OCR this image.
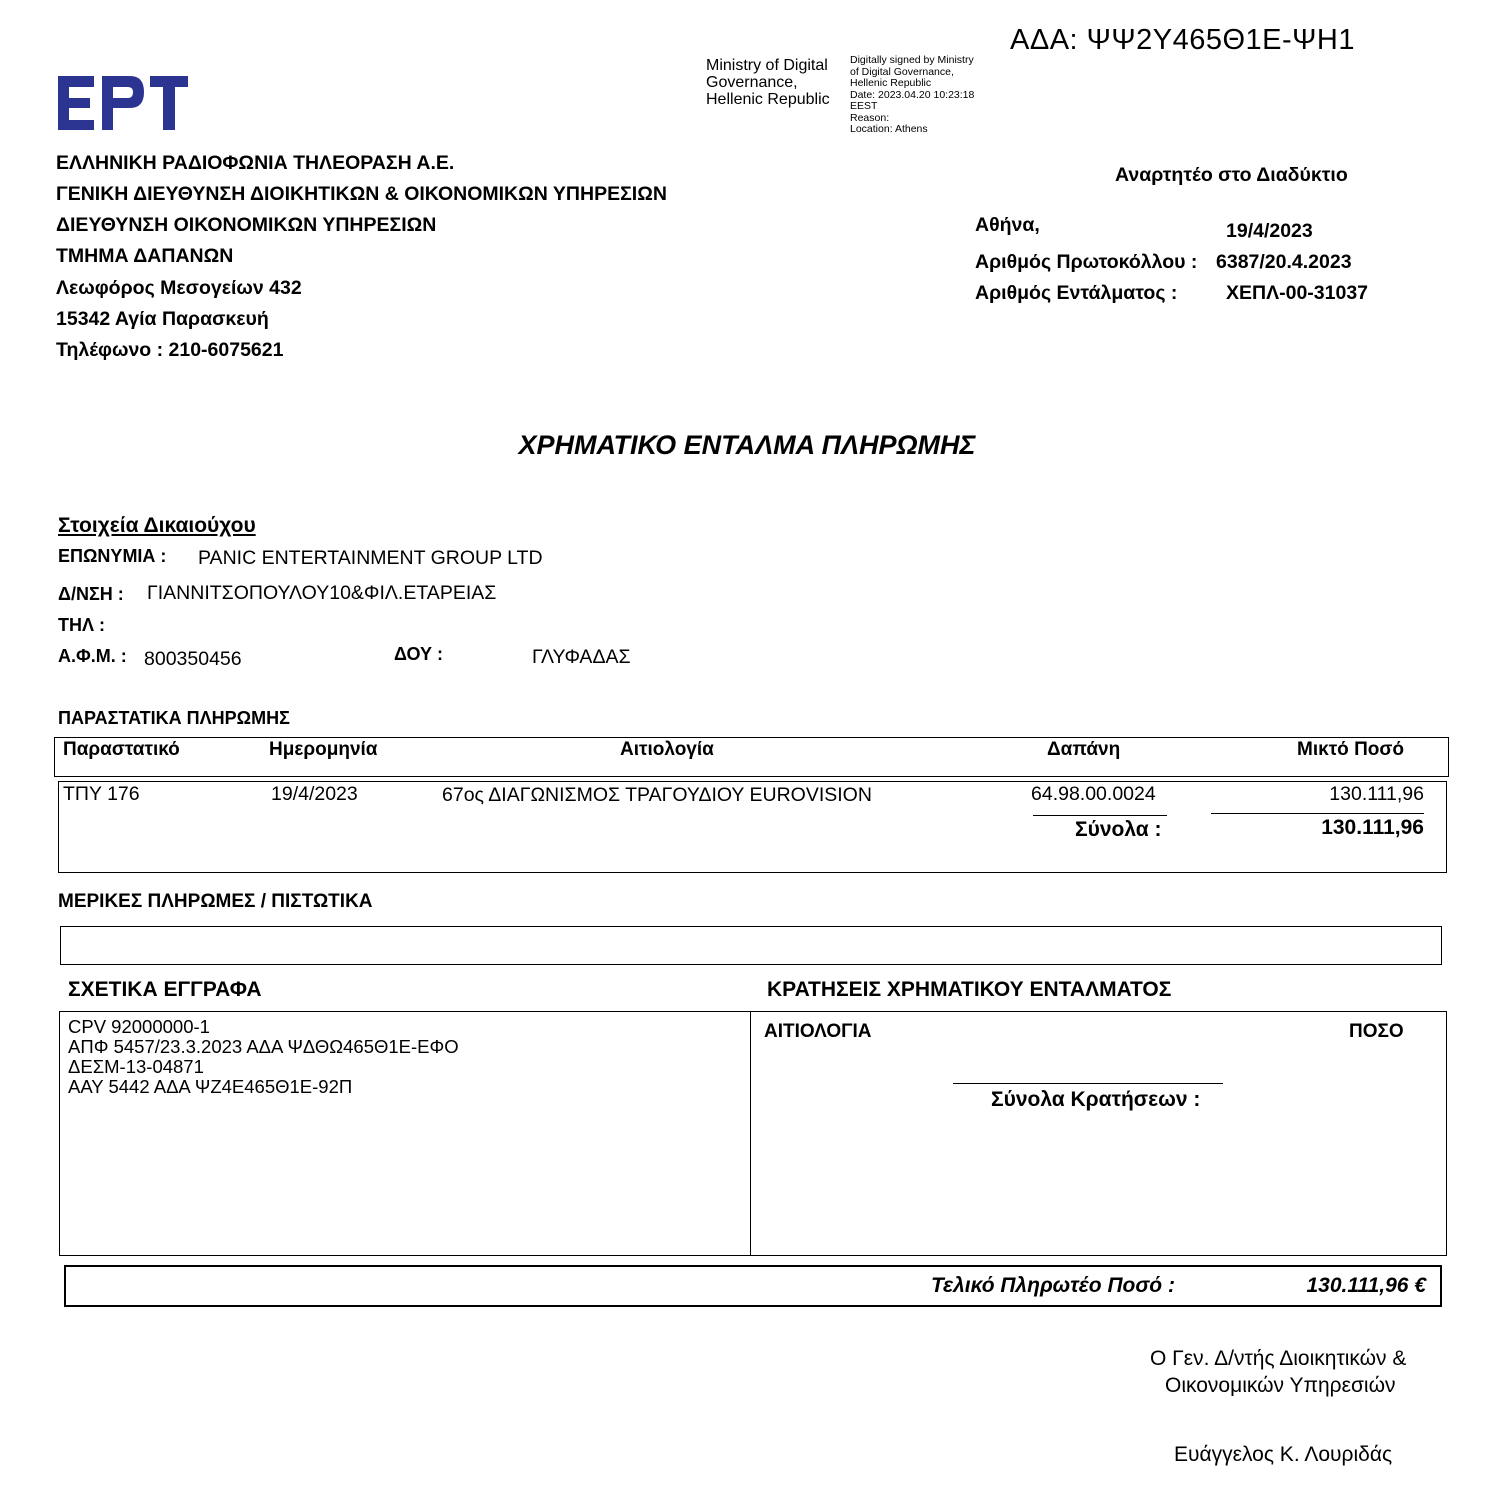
ΑΔΑ: ΨΨ2Υ465Θ1Ε-ΨΗ1
Ministry of Digital
Governance,
Hellenic Republic
Digitally signed by Ministry
of Digital Governance,
Hellenic Republic
Date: 2023.04.20 10:23:18
EEST
Reason:
Location: Athens
ΕΛΛΗΝΙΚΗ ΡΑΔΙΟΦΩΝΙΑ ΤΗΛΕΟΡΑΣΗ Α.Ε.
ΓΕΝΙΚΗ ΔΙΕΥΘΥΝΣΗ ΔΙΟΙΚΗΤΙΚΩΝ & ΟΙΚΟΝΟΜΙΚΩΝ ΥΠΗΡΕΣΙΩΝ
ΔΙΕΥΘΥΝΣΗ ΟΙΚΟΝΟΜΙΚΩΝ ΥΠΗΡΕΣΙΩΝ
ΤΜΗΜΑ ΔΑΠΑΝΩΝ
Λεωφόρος Μεσογείων 432
15342 Αγία Παρασκευή
Τηλέφωνο : 210-6075621
Αναρτητέο στο Διαδύκτιο
Αθήνα,	19/4/2023
Αριθμός Πρωτοκόλλου : 6387/20.4.2023
Αριθμός Εντάλματος : ΧΕΠΛ-00-31037
ΧΡΗΜΑΤΙΚΟ ΕΝΤΑΛΜΑ ΠΛΗΡΩΜΗΣ
Στοιχεία Δικαιούχου
ΕΠΩΝΥΜΙΑ : PANIC ENTERTAINMENT GROUP LTD
Δ/ΝΣΗ : ΓΙΑΝΝΙΤΣΟΠΟΥΛΟΥ10&ΦΙΛ.ΕΤΑΡΕΙΑΣ
ΤΗΛ :
Α.Φ.Μ. : 800350456	ΔΟΥ :	ΓΛΥΦΑΔΑΣ
ΠΑΡΑΣΤΑΤΙΚΑ ΠΛΗΡΩΜΗΣ
Παραστατικό	Ημερομηνία	Αιτιολογία	Δαπάνη	Μικτό Ποσό
ΤΠΥ 176	19/4/2023	67ος ΔΙΑΓΩΝΙΣΜΟΣ ΤΡΑΓΟΥΔΙΟΥ EUROVISION	64.98.00.0024	130.111,96
Σύνολα :	130.111,96
ΜΕΡΙΚΕΣ ΠΛΗΡΩΜΕΣ / ΠΙΣΤΩΤΙΚΑ
ΣΧΕΤΙΚΑ ΕΓΓΡΑΦΑ	ΚΡΑΤΗΣΕΙΣ ΧΡΗΜΑΤΙΚΟΥ ΕΝΤΑΛΜΑΤΟΣ
CPV 92000000-1
ΑΠΦ 5457/23.3.2023 ΑΔΑ ΨΔΘΩ465Θ1Ε-ΕΦΟ
ΔΕΣΜ-13-04871
ΑΑΥ 5442 ΑΔΑ ΨΖ4Ε465Θ1Ε-92Π
ΑΙΤΙΟΛΟΓΙΑ	ΠΟΣΟ
Σύνολα Κρατήσεων :
Τελικό Πληρωτέο Ποσό :	130.111,96 €
Ο Γεν. Δ/ντής Διοικητικών &
Οικονομικών Υπηρεσιών
Ευάγγελος Κ. Λουριδάς
